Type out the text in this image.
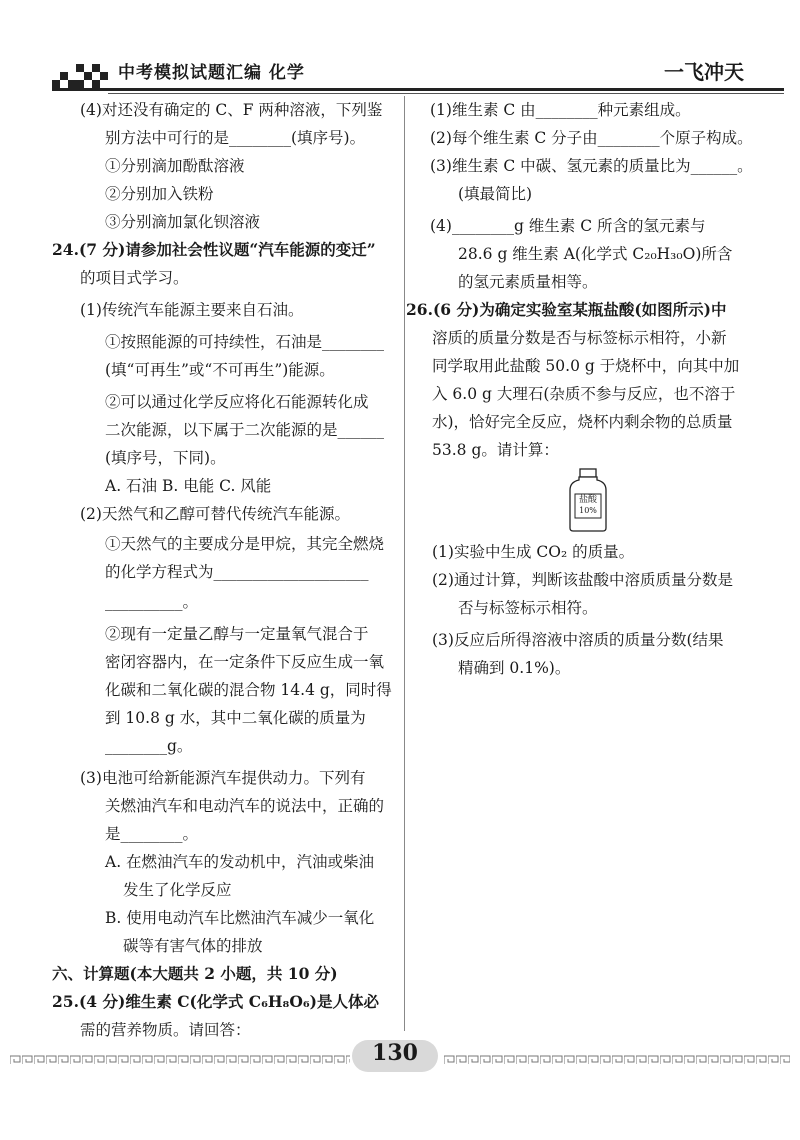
中考模拟试题汇编 化学	一飞冲天
(4)对还没有确定的 C、F 两种溶液，下列鉴
别方法中可行的是________(填序号)。
①分别滴加酚酞溶液
②分别加入铁粉
③分别滴加氯化钡溶液
24.(7 分)请参加社会性议题“汽车能源的变迁”
的项目式学习。
(1)传统汽车能源主要来自石油。
①按照能源的可持续性，石油是________
(填“可再生”或“不可再生”)能源。
②可以通过化学反应将化石能源转化成
二次能源，以下属于二次能源的是______
(填序号，下同)。
A. 石油 B. 电能 C. 风能
(2)天然气和乙醇可替代传统汽车能源。
①天然气的主要成分是甲烷，其完全燃烧
的化学方程式为____________________
__________。
②现有一定量乙醇与一定量氧气混合于
密闭容器内，在一定条件下反应生成一氧
化碳和二氧化碳的混合物 14.4 g，同时得
到 10.8 g 水，其中二氧化碳的质量为
________g。
(3)电池可给新能源汽车提供动力。下列有
关燃油汽车和电动汽车的说法中，正确的
是________。
A. 在燃油汽车的发动机中，汽油或柴油
发生了化学反应
B. 使用电动汽车比燃油汽车减少一氧化
碳等有害气体的排放
六、计算题(本大题共 2 小题，共 10 分)
25.(4 分)维生素 C(化学式 C₆H₈O₆)是人体必
需的营养物质。请回答：
(1)维生素 C 由________种元素组成。
(2)每个维生素 C 分子由________个原子构成。
(3)维生素 C 中碳、氢元素的质量比为______。
(填最简比)
(4)________g 维生素 C 所含的氢元素与
28.6 g 维生素 A(化学式 C₂₀H₃₀O)所含
的氢元素质量相等。
26.(6 分)为确定实验室某瓶盐酸(如图所示)中
溶质的质量分数是否与标签标示相符，小新
同学取用此盐酸 50.0 g 于烧杯中，向其中加
入 6.0 g 大理石(杂质不参与反应，也不溶于
水)，恰好完全反应，烧杯内剩余物的总质量
53.8 g。请计算：
盐酸
10%
(1)实验中生成 CO₂ 的质量。
(2)通过计算，判断该盐酸中溶质质量分数是
否与标签标示相符。
(3)反应后所得溶液中溶质的质量分数(结果
精确到 0.1%)。
130
